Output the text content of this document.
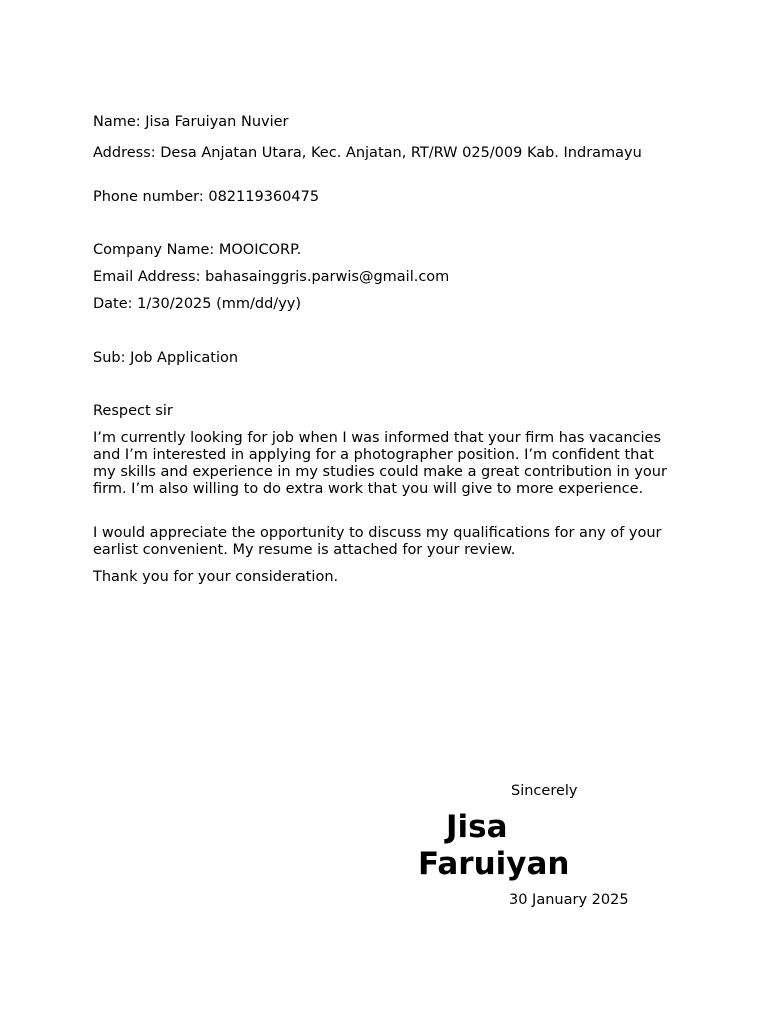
Name: Jisa Faruiyan Nuvier
Address: Desa Anjatan Utara, Kec. Anjatan, RT/RW 025/009 Kab. Indramayu
Phone number: 082119360475
Company Name: MOOICORP.
Email Address: bahasainggris.parwis@gmail.com
Date: 1/30/2025 (mm/dd/yy)
Sub: Job Application
Respect sir
I’m currently looking for job when I was informed that your firm has vacancies and I’m interested in applying for a photographer position. I’m confident that my skills and experience in my studies could make a great contribution in your firm. I’m also willing to do extra work that you will give to more experience.
I would appreciate the opportunity to discuss my qualifications for any of your earlist convenient. My resume is attached for your review.
Thank you for your consideration.
Sincerely
Jisa
Faruiyan
30 January 2025
